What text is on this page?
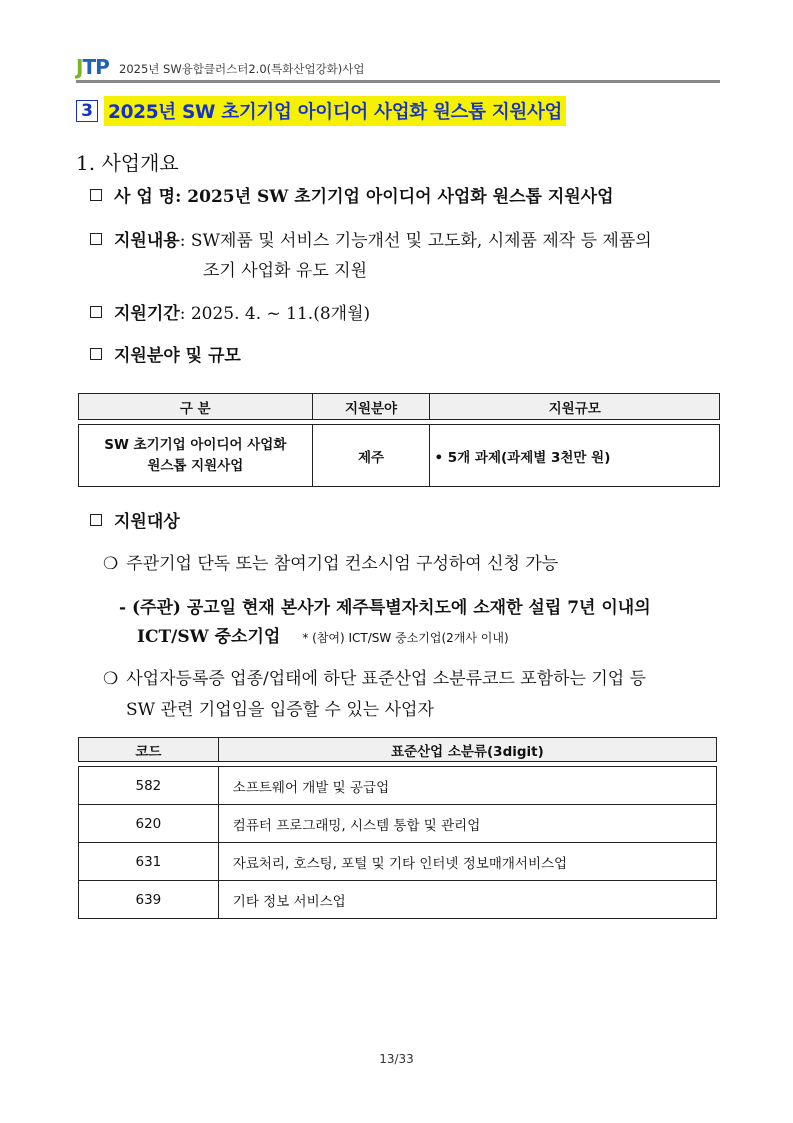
JTP 2025년 SW융합클러스터2.0(특화산업강화)사업
3 2025년 SW 초기기업 아이디어 사업화 원스톱 지원사업
1. 사업개요
사 업 명: 2025년 SW 초기기업 아이디어 사업화 원스톱 지원사업
지원내용: SW제품 및 서비스 기능개선 및 고도화, 시제품 제작 등 제품의
조기 사업화 유도 지원
지원기간: 2025. 4. ~ 11.(8개월)
지원분야 및 규모
구 분	지원분야	지원규모

SW 초기기업 아이디어 사업화
원스톱 지원사업	제주	• 5개 과제(과제별 3천만 원)
지원대상
❍ 주관기업 단독 또는 참여기업 컨소시엄 구성하여 신청 가능
- (주관) 공고일 현재 본사가 제주특별자치도에 소재한 설립 7년 이내의
ICT/SW 중소기업 * (참여) ICT/SW 중소기업(2개사 이내)
❍ 사업자등록증 업종/업태에 하단 표준산업 소분류코드 포함하는 기업 등
SW 관련 기업임을 입증할 수 있는 사업자
코드	표준산업 소분류(3digit)

582	소프트웨어 개발 및 공급업
620	컴퓨터 프로그래밍, 시스템 통합 및 관리업
631	자료처리, 호스팅, 포털 및 기타 인터넷 정보매개서비스업
639	기타 정보 서비스업
13/33
